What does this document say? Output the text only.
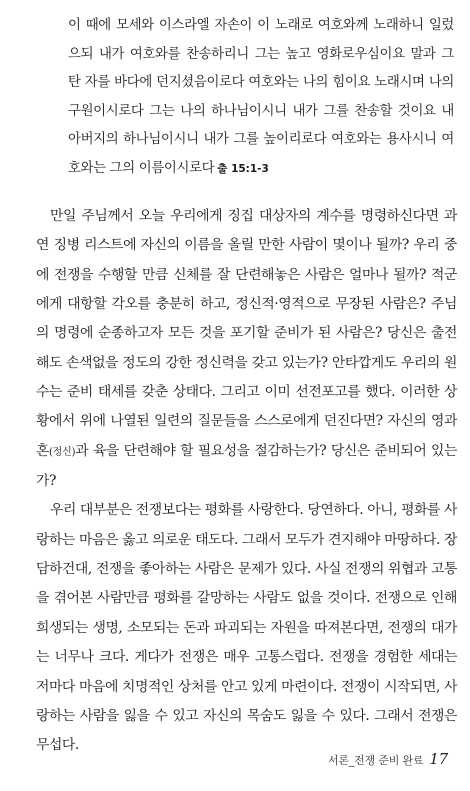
이 때에 모세와 이스라엘 자손이 이 노래로 여호와께 노래하니 일렀으되 내가 여호와를 찬송하리니 그는 높고 영화로우심이요 말과 그 탄 자를 바다에 던지셨음이로다 여호와는 나의 힘이요 노래시며 나의 구원이시로다 그는 나의 하나님이시니 내가 그를 찬송할 것이요 내 아버지의 하나님이시니 내가 그를 높이리로다 여호와는 용사시니 여호와는 그의 이름이시로다 출 15:1-3

만일 주님께서 오늘 우리에게 징집 대상자의 계수를 명령하신다면 과연 징병 리스트에 자신의 이름을 올릴 만한 사람이 몇이나 될까? 우리 중에 전쟁을 수행할 만큼 신체를 잘 단련해놓은 사람은 얼마나 될까? 적군에게 대항할 각오를 충분히 하고, 정신적·영적으로 무장된 사람은? 주님의 명령에 순종하고자 모든 것을 포기할 준비가 된 사람은? 당신은 출전해도 손색없을 정도의 강한 정신력을 갖고 있는가? 안타깝게도 우리의 원수는 준비 태세를 갖춘 상태다. 그리고 이미 선전포고를 했다. 이러한 상황에서 위에 나열된 일련의 질문들을 스스로에게 던진다면? 자신의 영과 혼(정신)과 육을 단련해야 할 필요성을 절감하는가? 당신은 준비되어 있는가?

우리 대부분은 전쟁보다는 평화를 사랑한다. 당연하다. 아니, 평화를 사랑하는 마음은 옳고 의로운 태도다. 그래서 모두가 견지해야 마땅하다. 장담하건대, 전쟁을 좋아하는 사람은 문제가 있다. 사실 전쟁의 위협과 고통을 겪어본 사람만큼 평화를 갈망하는 사람도 없을 것이다. 전쟁으로 인해 희생되는 생명, 소모되는 돈과 파괴되는 자원을 따져본다면, 전쟁의 대가는 너무나 크다. 게다가 전쟁은 매우 고통스럽다. 전쟁을 경험한 세대는 저마다 마음에 치명적인 상처를 안고 있게 마련이다. 전쟁이 시작되면, 사랑하는 사람을 잃을 수 있고 자신의 목숨도 잃을 수 있다. 그래서 전쟁은 무섭다.

서론_전쟁 준비 완료 17
